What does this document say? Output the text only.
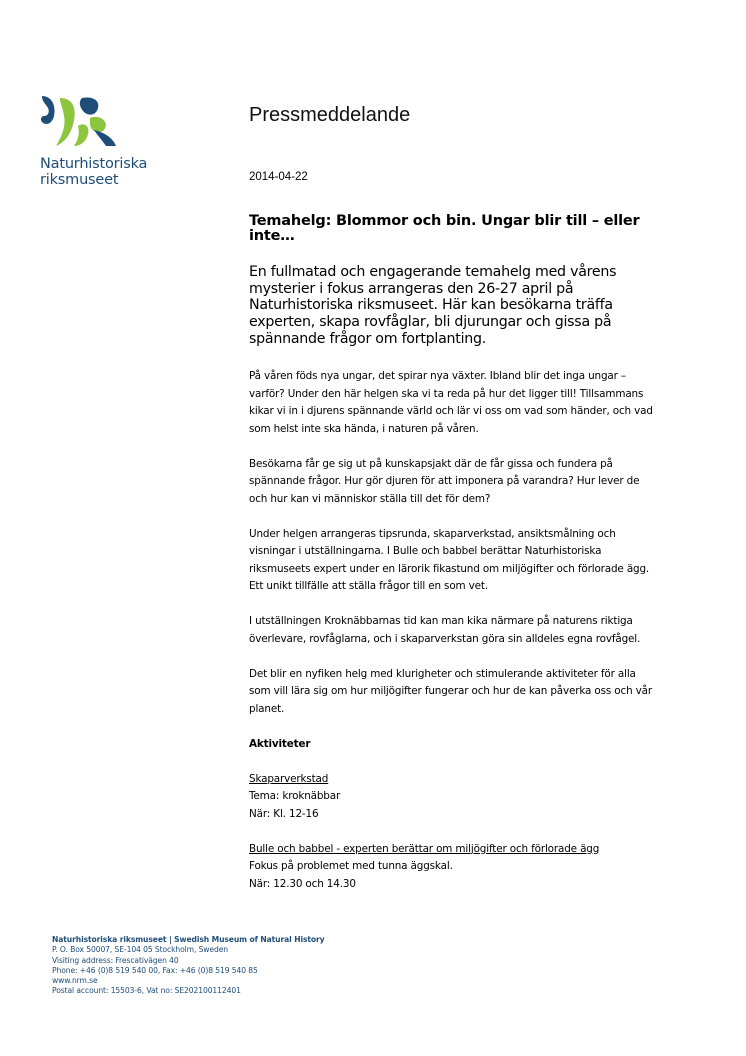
Naturhistoriska
riksmuseet
Pressmeddelande
2014-04-22
Temahelg: Blommor och bin. Ungar blir till – eller inte…

En fullmatad och engagerande temahelg med vårens mysterier i fokus arrangeras den 26-27 april på Naturhistoriska riksmuseet. Här kan besökarna träffa experten, skapa rovfåglar, bli djurungar och gissa på spännande frågor om fortplanting.

På våren föds nya ungar, det spirar nya växter. Ibland blir det inga ungar – varför? Under den här helgen ska vi ta reda på hur det ligger till! Tillsammans kikar vi in i djurens spännande värld och lär vi oss om vad som händer, och vad som helst inte ska hända, i naturen på våren.

Besökarna får ge sig ut på kunskapsjakt där de får gissa och fundera på spännande frågor. Hur gör djuren för att imponera på varandra? Hur lever de och hur kan vi människor ställa till det för dem?

Under helgen arrangeras tipsrunda, skaparverkstad, ansiktsmålning och visningar i utställningarna. I Bulle och babbel berättar Naturhistoriska riksmuseets expert under en lärorik fikastund om miljögifter och förlorade ägg. Ett unikt tillfälle att ställa frågor till en som vet.

I utställningen Kroknäbbarnas tid kan man kika närmare på naturens riktiga överlevare, rovfåglarna, och i skaparverkstan göra sin alldeles egna rovfågel.

Det blir en nyfiken helg med klurigheter och stimulerande aktiviteter för alla som vill lära sig om hur miljögifter fungerar och hur de kan påverka oss och vår planet.

Aktiviteter
Skaparverkstad
Tema: kroknäbbar
När: Kl. 12-16
Bulle och babbel - experten berättar om miljögifter och förlorade ägg
Fokus på problemet med tunna äggskal.
När: 12.30 och 14.30
Naturhistoriska riksmuseet | Swedish Museum of Natural History
P. O. Box 50007, SE-104 05 Stockholm, Sweden
Visiting address: Frescativägen 40
Phone: +46 (0)8 519 540 00, Fax: +46 (0)8 519 540 85
www.nrm.se
Postal account: 15503-6, Vat no: SE202100112401
